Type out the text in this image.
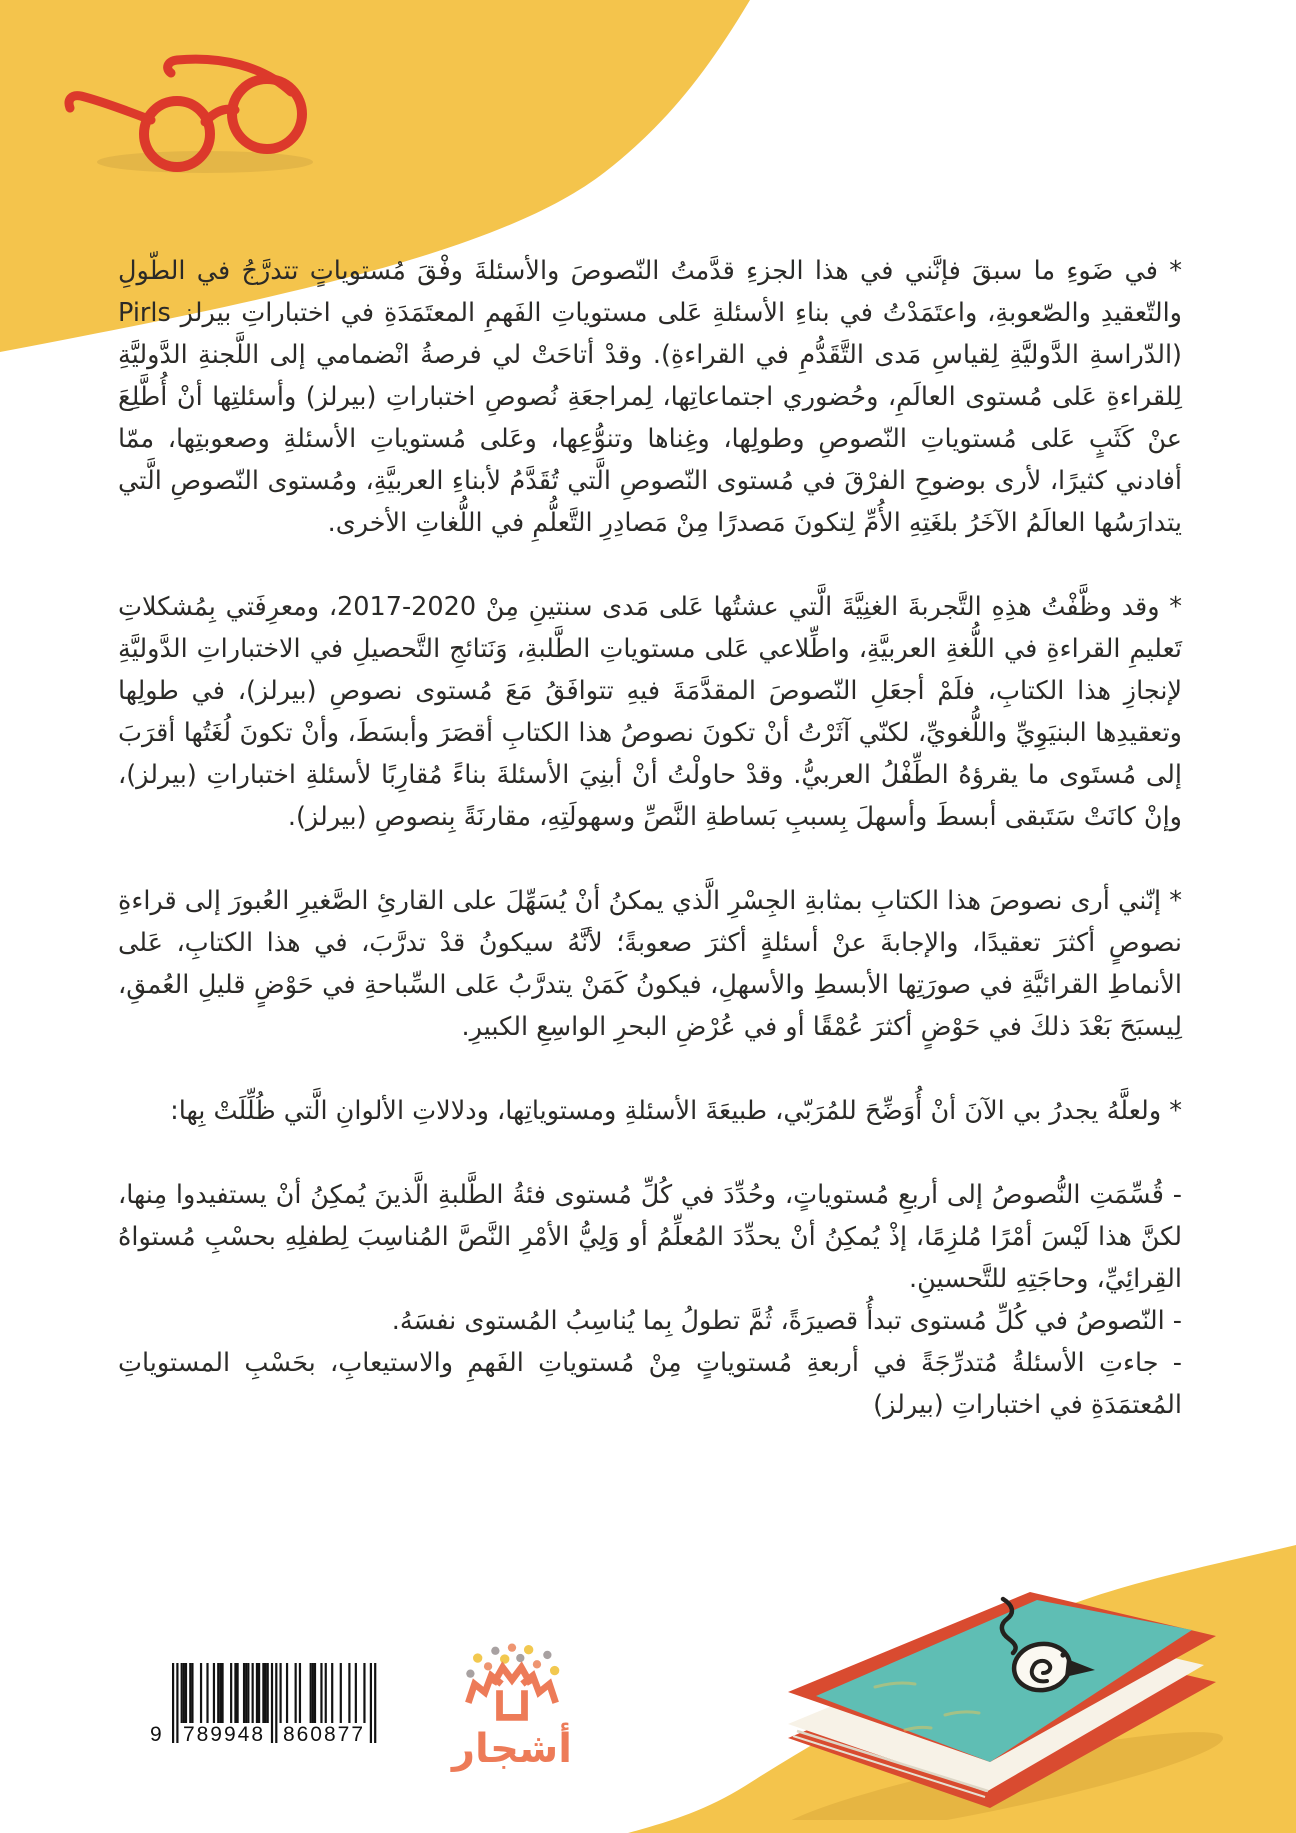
* في ضَوءِ ما سبقَ فإنَّني في هذا الجزءِ قدَّمتُ النّصوصَ والأسئلةَ وفْقَ مُستوياتٍ تتدرَّجُ في الطّولِ والتّعقيدِ والصّعوبةِ، واعتَمَدْتُ في بناءِ الأسئلةِ عَلى مستوياتِ الفَهمِ المعتَمَدَةِ في اختباراتِ بيرلز Pirls (الدّراسةِ الدَّوليَّةِ لِقياسِ مَدى التَّقَدُّمِ في القراءةِ). وقدْ أتاحَتْ لي فرصةُ انْضمامي إلى اللَّجنةِ الدَّوليَّةِ لِلقراءةِ عَلى مُستوى العالَمِ، وحُضوري اجتماعاتِها، لِمراجعَةِ نُصوصِ اختباراتِ (بيرلز) وأسئلتِها أنْ أُطَّلِعَ عنْ كَثَبٍ عَلى مُستوياتِ النّصوصِ وطولِها، وغِناها وتنوُّعِها، وعَلى مُستوياتِ الأسئلةِ وصعوبتِها، ممّا أفادني كثيرًا، لأرى بوضوحِ الفرْقَ في مُستوى النّصوصِ الَّتي تُقَدَّمُ لأبناءِ العربيَّةِ، ومُستوى النّصوصِ الَّتي يتدارَسُها العالَمُ الآخَرُ بلغَتِهِ الأُمِّ لِتكونَ مَصدرًا مِنْ مَصادِرِ التَّعلُّمِ في اللُّغاتِ الأخرى.

* وقد وظَّفْتُ هذِهِ التَّجربةَ الغنِيَّةَ الَّتي عشتُها عَلى مَدى سنتينِ مِنْ 2020-2017، ومعرِفَتي بِمُشكلاتِ تَعليمِ القراءةِ في اللُّغةِ العربيَّةِ، واطِّلاعي عَلى مستوياتِ الطَّلبةِ، وَنَتائجِ التَّحصيلِ في الاختباراتِ الدَّوليَّةِ لإنجازِ هذا الكتابِ، فلَمْ أجعَلِ النّصوصَ المقدَّمَةَ فيهِ تتوافَقُ مَعَ مُستوى نصوصِ (بيرلز)، في طولِها وتعقيدِها البنيَوِيِّ واللُّغويِّ، لكنّي آثَرْتُ أنْ تكونَ نصوصُ هذا الكتابِ أقصَرَ وأبسَطَ، وأنْ تكونَ لُغَتُها أقرَبَ إلى مُستَوى ما يقرؤهُ الطِّفْلُ العربيُّ. وقدْ حاولْتُ أنْ أبنِيَ الأسئلةَ بناءً مُقارِبًا لأسئلةِ اختباراتِ (بيرلز)، وإنْ كانَتْ سَتَبقى أبسطَ وأسهلَ بِسببِ بَساطةِ النَّصِّ وسهولَتِهِ، مقارنَةً بِنصوصِ (بيرلز).

* إنّني أرى نصوصَ هذا الكتابِ بمثابةِ الجِسْرِ الَّذي يمكنُ أنْ يُسَهِّلَ على القارئِ الصَّغيرِ العُبورَ إلى قراءةِ نصوصٍ أكثرَ تعقيدًا، والإجابةَ عنْ أسئلةٍ أكثرَ صعوبةً؛ لأنَّهُ سيكونُ قدْ تدرَّبَ، في هذا الكتابِ، عَلى الأنماطِ القرائيَّةِ في صورَتِها الأبسطِ والأسهلِ، فيكونُ كَمَنْ يتدرَّبُ عَلى السِّباحةِ في حَوْضٍ قليلِ العُمقِ، لِيسبَحَ بَعْدَ ذلكَ في حَوْضٍ أكثرَ عُمْقًا أو في عُرْضِ البحرِ الواسِعِ الكبيرِ.

* ولعلَّهُ يجدرُ بي الآنَ أنْ أُوَضِّحَ للمُرَبّي، طبيعَةَ الأسئلةِ ومستوياتِها، ودلالاتِ الألوانِ الَّتي ظُلِّلَتْ بِها:

- قُسِّمَتِ النُّصوصُ إلى أربعِ مُستوياتٍ، وحُدِّدَ في كُلِّ مُستوى فئةُ الطَّلبةِ الَّذينَ يُمكِنُ أنْ يستفيدوا مِنها، لكنَّ هذا لَيْسَ أمْرًا مُلزِمًا، إذْ يُمكِنُ أنْ يحدِّدَ المُعلِّمُ أو وَلِيُّ الأمْرِ النَّصَّ المُناسِبَ لِطفلِهِ بحسْبِ مُستواهُ القِرائِيِّ، وحاجَتِهِ للتَّحسينِ.

- النّصوصُ في كُلِّ مُستوى تبدأُ قصيرَةً، ثُمَّ تطولُ بِما يُناسِبُ المُستوى نفسَهُ.

- جاءتِ الأسئلةُ مُتدرِّجَةً في أربعةِ مُستوياتٍ مِنْ مُستوياتِ الفَهمِ والاستيعابِ، بحَسْبِ المستوياتِ المُعتمَدَةِ في اختباراتِ (بيرلز)

9 789948 860877 أشجار
